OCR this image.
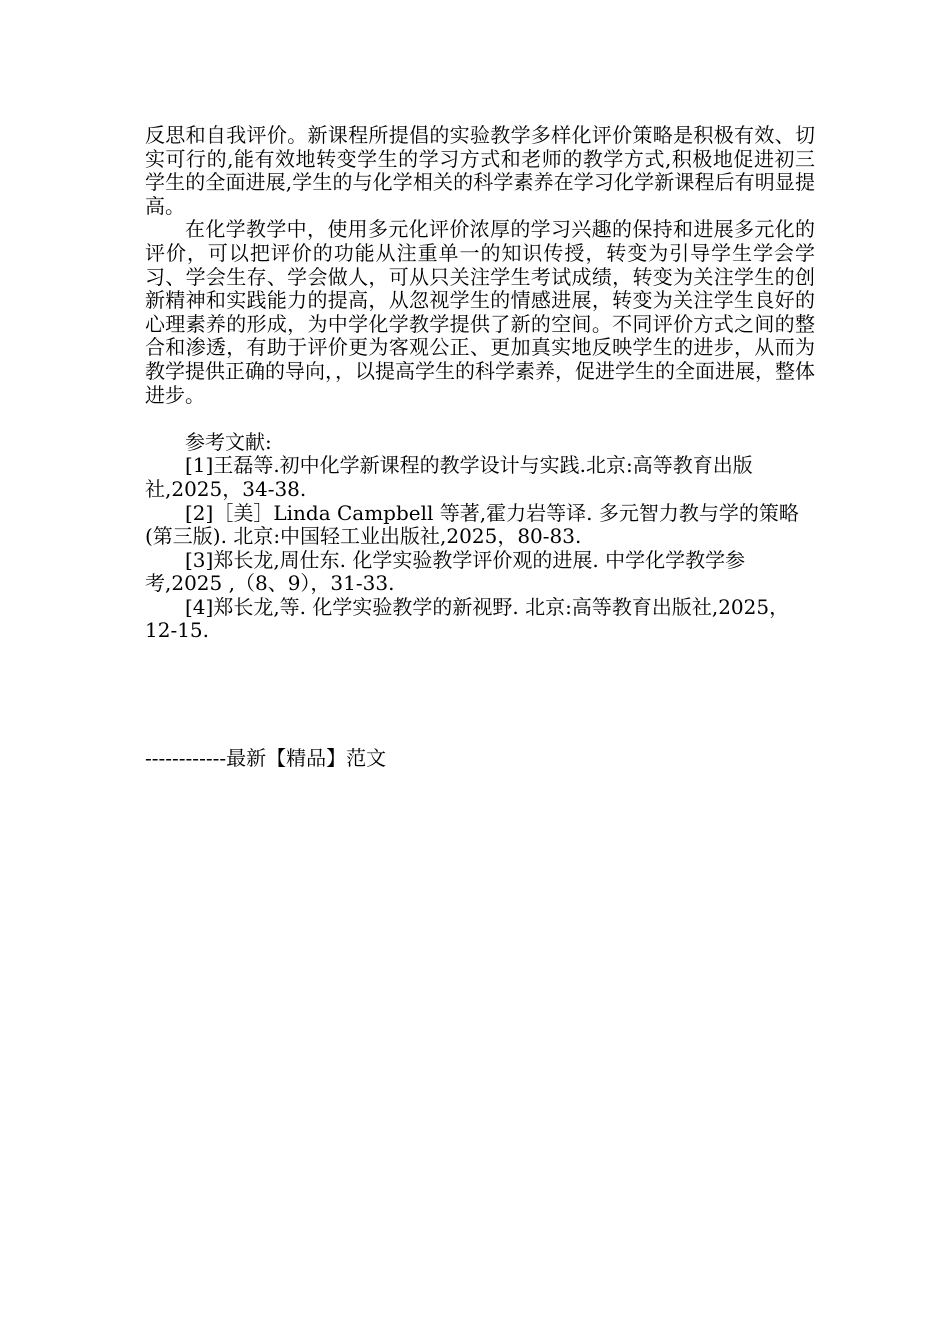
反思和自我评价。新课程所提倡的实验教学多样化评价策略是积极有效、切实可行的,能有效地转变学生的学习方式和老师的教学方式,积极地促进初三学生的全面进展,学生的与化学相关的科学素养在学习化学新课程后有明显提高。

在化学教学中，使用多元化评价浓厚的学习兴趣的保持和进展多元化的评价，可以把评价的功能从注重单一的知识传授，转变为引导学生学会学习、学会生存、学会做人，可从只关注学生考试成绩，转变为关注学生的创新精神和实践能力的提高，从忽视学生的情感进展，转变为关注学生良好的心理素养的形成，为中学化学教学提供了新的空间。不同评价方式之间的整合和渗透，有助于评价更为客观公正、更加真实地反映学生的进步，从而为教学提供正确的导向，，以提高学生的科学素养，促进学生的全面进展，整体进步。

参考文献:

[1]王磊等.初中化学新课程的教学设计与实践.北京:高等教育出版社,2025，34-38.

[2]［美］Linda Campbell 等著,霍力岩等译. 多元智力教与学的策略(第三版). 北京:中国轻工业出版社,2025，80-83.

[3]郑长龙,周仕东. 化学实验教学评价观的进展. 中学化学教学参考,2025 ,（8、9），31-33.

[4]郑长龙,等. 化学实验教学的新视野. 北京:高等教育出版社,2025，12-15.

------------最新【精品】范文
